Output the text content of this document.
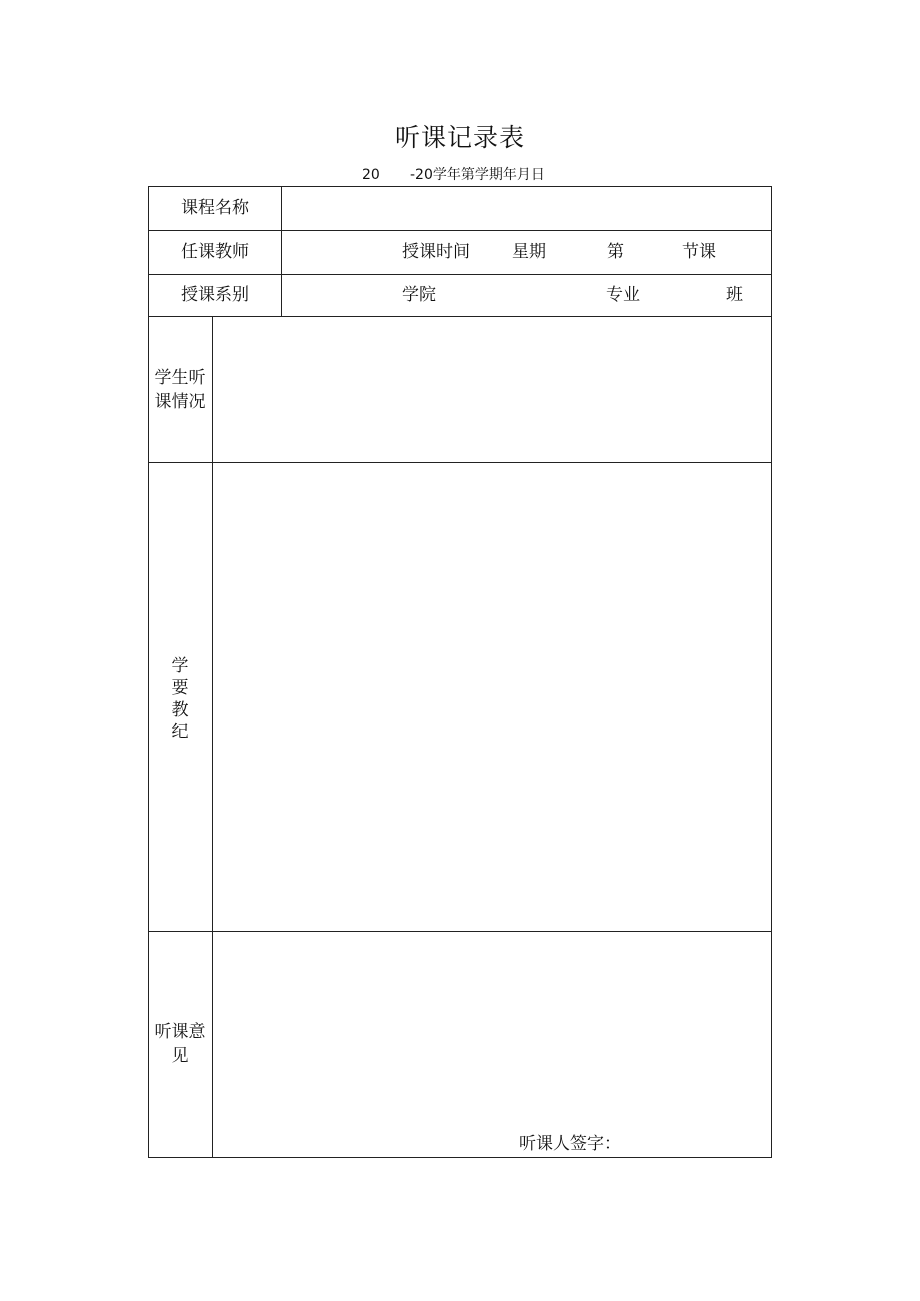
听课记录表
20 -20学年第学期年月日
课程名称
任课教师	授课时间 星期	第	节课
授课系别	学院	专业	班
学生听
课情况
学
要
教
纪
听课意
见
听课人签字：
